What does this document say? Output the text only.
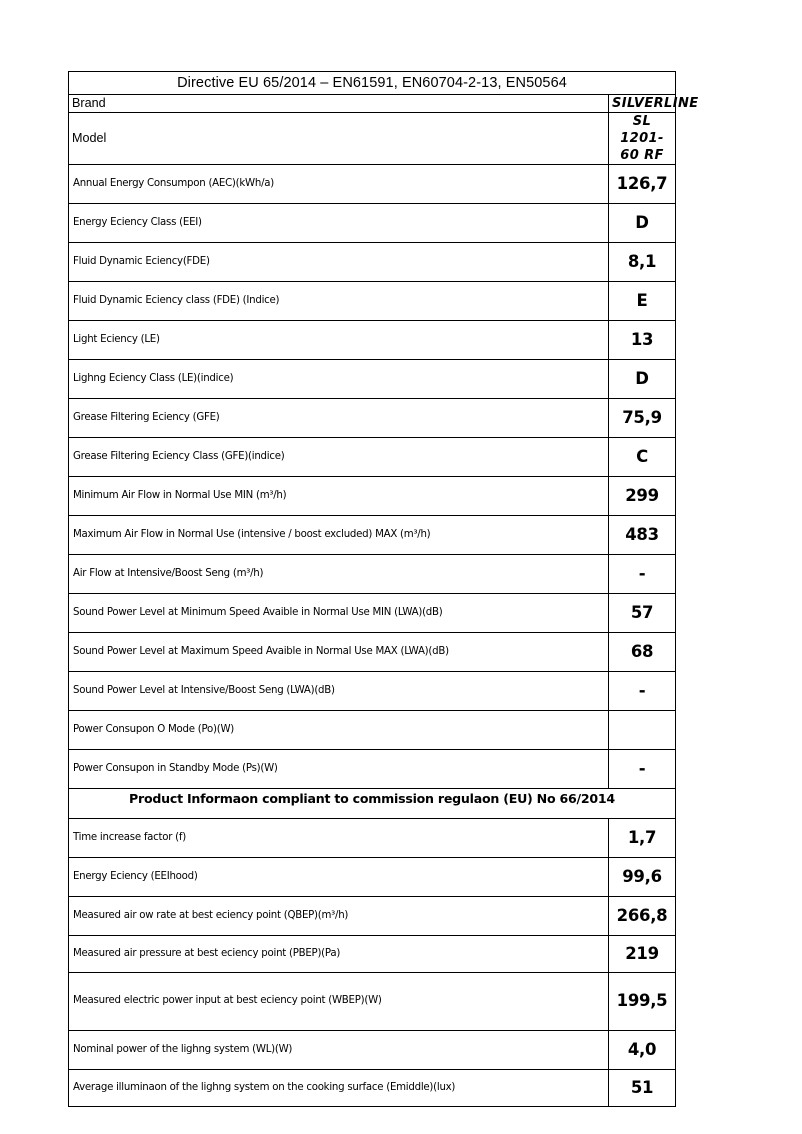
Directive EU 65/2014 – EN61591, EN60704-2-13, EN50564	
Brand	SILVERLINE
Model	SL 1201-60 RF
Annual Energy Consumpon (AEC)(kWh/a)	126,7
Energy Eciency Class (EEI)	D
Fluid Dynamic Eciency(FDE)	8,1
Fluid Dynamic Eciency class (FDE) (Indice)	E
Light Eciency (LE)	13
Lighng Eciency Class (LE)(indice)	D
Grease Filtering Eciency (GFE)	75,9
Grease Filtering Eciency Class (GFE)(indice)	C
Minimum Air Flow in Normal Use MIN (m³/h)	299
Maximum Air Flow in Normal Use (intensive / boost excluded) MAX (m³/h)	483
Air Flow at Intensive/Boost Seng (m³/h)	-
Sound Power Level at Minimum Speed Avaible in Normal Use MIN (LWA)(dB)	57
Sound Power Level at Maximum Speed Avaible in Normal Use MAX (LWA)(dB)	68
Sound Power Level at Intensive/Boost Seng (LWA)(dB)	-
Power Consupon O Mode (Po)(W)	
Power Consupon in Standby Mode (Ps)(W)	-
Product Informaon compliant to commission regulaon (EU) No 66/2014	
Time increase factor (f)	1,7
Energy Eciency (EEIhood)	99,6
Measured air ow rate at best eciency point (QBEP)(m³/h)	266,8
Measured air pressure at best eciency point (PBEP)(Pa)	219
Measured electric power input at best eciency point (WBEP)(W)	199,5
Nominal power of the lighng system (WL)(W)	4,0
Average illuminaon of the lighng system on the cooking surface (Emiddle)(lux)	51
